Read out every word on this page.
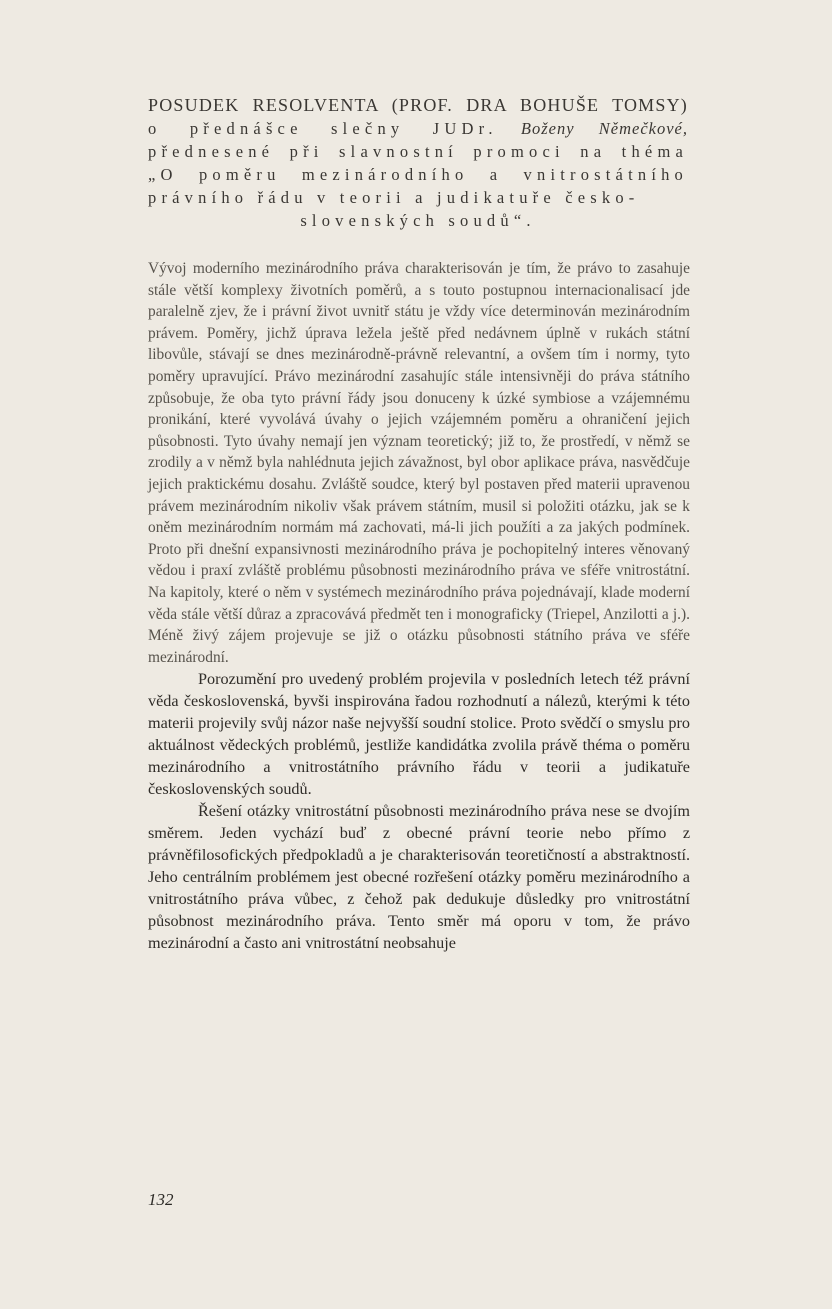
POSUDEK RESOLVENTA (PROF. DRA BOHUŠE TOMSY)
o přednášce slečny JUDr. Boženy Němečkové, přednesené při slavnostní promoci na théma „O poměru mezinárodního a vnitrostátního právního řádu v teorii a judikatuře česko-
slovenských soudů“.

Vývoj moderního mezinárodního práva charakterisován je tím, že právo to zasahuje stále větší komplexy životních poměrů, a s touto postupnou internacionalisací jde paralelně zjev, že i právní život uvnitř státu je vždy více determinován mezinárodním právem. Poměry, jichž úprava ležela ještě před nedávnem úplně v rukách státní libovůle, stávají se dnes mezinárodně-právně relevantní, a ovšem tím i normy, tyto poměry upravující. Právo mezinárodní zasahujíc stále intensivněji do práva státního způsobuje, že oba tyto právní řády jsou donuceny k úzké symbiose a vzájemnému pronikání, které vyvolává úvahy o jejich vzájemném poměru a ohraničení jejich působnosti. Tyto úvahy nemají jen význam teoretický; již to, že prostředí, v němž se zrodily a v němž byla nahlédnuta jejich závažnost, byl obor aplikace práva, nasvědčuje jejich praktickému dosahu. Zvláště soudce, který byl postaven před materii upravenou právem mezinárodním nikoliv však právem státním, musil si položiti otázku, jak se k oněm mezinárodním normám má zachovati, má-li jich použíti a za jakých podmínek. Proto při dnešní expansivnosti mezinárodního práva je pochopitelný interes věnovaný vědou i praxí zvláště problému působnosti mezinárodního práva ve sféře vnitrostátní. Na kapitoly, které o něm v systémech mezinárodního práva pojednávají, klade moderní věda stále větší důraz a zpracovává předmět ten i monograficky (Triepel, Anzilotti a j.). Méně živý zájem projevuje se již o otázku působnosti státního práva ve sféře mezinárodní.

Porozumění pro uvedený problém projevila v posledních letech též právní věda československá, byvši inspirována řadou rozhodnutí a nálezů, kterými k této materii projevily svůj názor naše nejvyšší soudní stolice. Proto svědčí o smyslu pro aktuálnost vědeckých problémů, jestliže kandidátka zvolila právě théma o poměru mezinárodního a vnitrostátního právního řádu v teorii a judikatuře československých soudů.

Řešení otázky vnitrostátní působnosti mezinárodního práva nese se dvojím směrem. Jeden vychází buď z obecné právní teorie nebo přímo z právněfilosofických předpokladů a je charakterisován teoretičností a abstraktností. Jeho centrálním problémem jest obecné rozřešení otázky poměru mezinárodního a vnitrostátního práva vůbec, z čehož pak dedukuje důsledky pro vnitrostátní působnost mezinárodního práva. Tento směr má oporu v tom, že právo mezinárodní a často ani vnitrostátní neobsahuje

132
